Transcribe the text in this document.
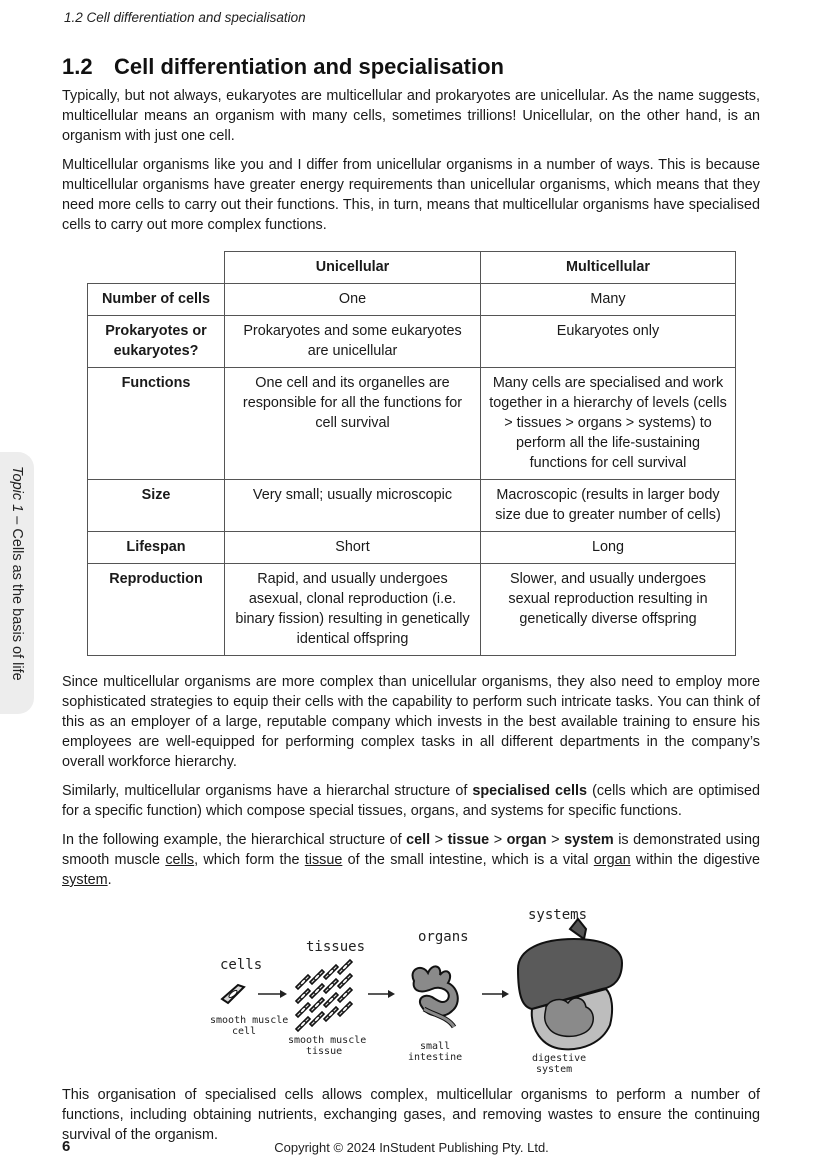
1.2 Cell differentiation and specialisation
Topic 1 – Cells as the basis of life
1.2 Cell differentiation and specialisation

Typically, but not always, eukaryotes are multicellular and prokaryotes are unicellular. As the name suggests, multicellular means an organism with many cells, sometimes trillions! Unicellular, on the other hand, is an organism with just one cell.

Multicellular organisms like you and I differ from unicellular organisms in a number of ways. This is because multicellular organisms have greater energy requirements than unicellular organisms, which means that they need more cells to carry out their functions. This, in turn, means that multicellular organisms have specialised cells to carry out more complex functions.

	Unicellular	Multicellular
Number of cells	One	Many
Prokaryotes or eukaryotes?	Prokaryotes and some eukaryotes are unicellular	Eukaryotes only
Functions	One cell and its organelles are responsible for all the functions for cell survival	Many cells are specialised and work together in a hierarchy of levels (cells > tissues > organs > systems) to perform all the life-sustaining functions for cell survival
Size	Very small; usually microscopic	Macroscopic (results in larger body size due to greater number of cells)
Lifespan	Short	Long
Reproduction	Rapid, and usually undergoes asexual, clonal reproduction (i.e. binary fission) resulting in genetically identical offspring	Slower, and usually undergoes sexual reproduction resulting in genetically diverse offspring

Since multicellular organisms are more complex than unicellular organisms, they also need to employ more sophisticated strategies to equip their cells with the capability to perform such intricate tasks. You can think of this as an employer of a large, reputable company which invests in the best available training to ensure his employees are well-equipped for performing complex tasks in all different departments in the company’s overall workforce hierarchy.

Similarly, multicellular organisms have a hierarchal structure of specialised cells (cells which are optimised for a specific function) which compose special tissues, organs, and systems for specific functions.

In the following example, the hierarchical structure of cell > tissue > organ > system is demonstrated using smooth muscle cells, which form the tissue of the small intestine, which is a vital organ within the digestive system.

cells
smooth muscle
cell
tissues
smooth muscle
tissue
organs
small
intestine
systems
digestive
system

This organisation of specialised cells allows complex, multicellular organisms to perform a number of functions, including obtaining nutrients, exchanging gases, and removing wastes to ensure the continuing survival of the organism.

6	Copyright © 2024 InStudent Publishing Pty. Ltd.
